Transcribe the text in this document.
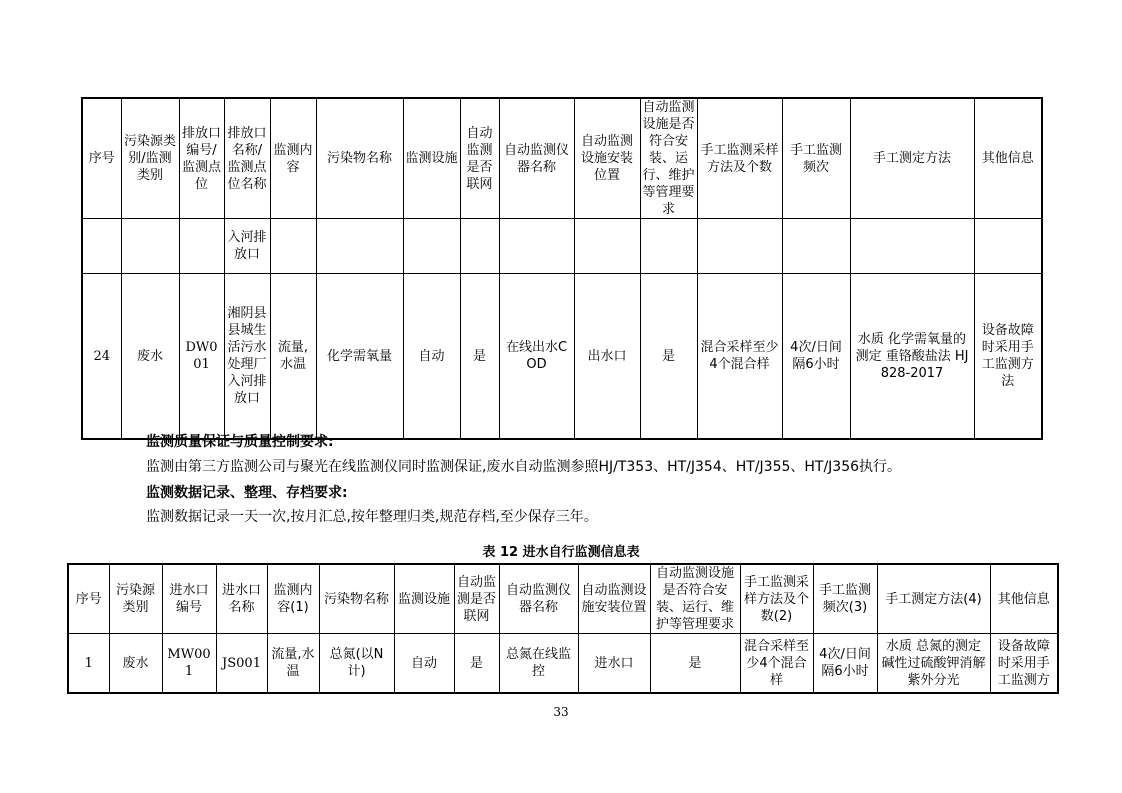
序号	污染源类别/监测类别	排放口编号/监测点位	排放口名称/监测点位名称	监测内容	污染物名称	监测设施	自动监测是否联网	自动监测仪器名称	自动监测设施安装位置	自动监测设施是否符合安装、运行、维护等管理要求	手工监测采样方法及个数	手工监测频次	手工测定方法	其他信息
			入河排放口											
24	废水	DW001	湘阴县县城生活污水处理厂入河排放口	流量,水温	化学需氧量	自动	是	在线出水COD	出水口	是	混合采样至少4个混合样	4次/日间隔6小时	水质 化学需氧量的测定 重铬酸盐法 HJ 828-2017	设备故障时采用手工监测方法
监测质量保证与质量控制要求:
监测由第三方监测公司与聚光在线监测仪同时监测保证,废水自动监测参照HJ/T353、HT/J354、HT/J355、HT/J356执行。
监测数据记录、整理、存档要求:
监测数据记录一天一次,按月汇总,按年整理归类,规范存档,至少保存三年。
表 12 进水自行监测信息表
序号	污染源类别	进水口编号	进水口名称	监测内容(1)	污染物名称	监测设施	自动监测是否联网	自动监测仪器名称	自动监测设施安装位置	自动监测设施是否符合安装、运行、维护等管理要求	手工监测采样方法及个数(2)	手工监测频次(3)	手工测定方法(4)	其他信息
1	废水	MW001	JS001	流量,水温	总氮(以N计)	自动	是	总氮在线监控	进水口	是	混合采样至少4个混合样	4次/日间隔6小时	水质 总氮的测定 碱性过硫酸钾消解紫外分光	设备故障时采用手工监测方
33
